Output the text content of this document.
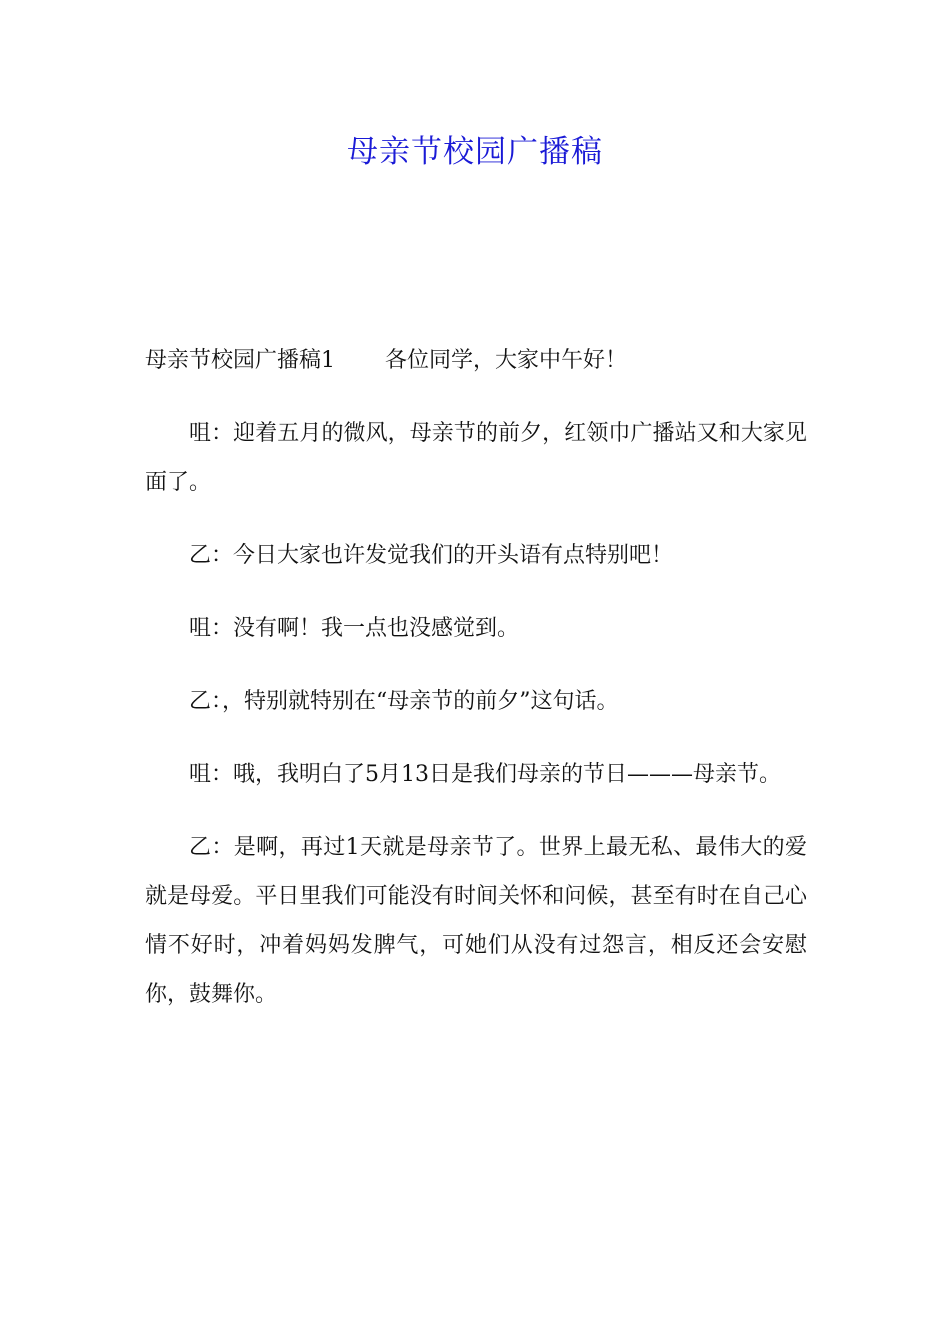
母亲节校园广播稿

母亲节校园广播稿1 各位同学，大家中午好！

咀：迎着五月的微风，母亲节的前夕，红领巾广播站又和大家见面了。

乙：今日大家也许发觉我们的开头语有点特别吧！

咀：没有啊！我一点也没感觉到。

乙：，特别就特别在“母亲节的前夕”这句话。

咀：哦，我明白了5月13日是我们母亲的节日———母亲节。

乙：是啊，再过1天就是母亲节了。世界上最无私、最伟大的爱就是母爱。平日里我们可能没有时间关怀和问候，甚至有时在自己心情不好时，冲着妈妈发脾气，可她们从没有过怨言，相反还会安慰你，鼓舞你。
